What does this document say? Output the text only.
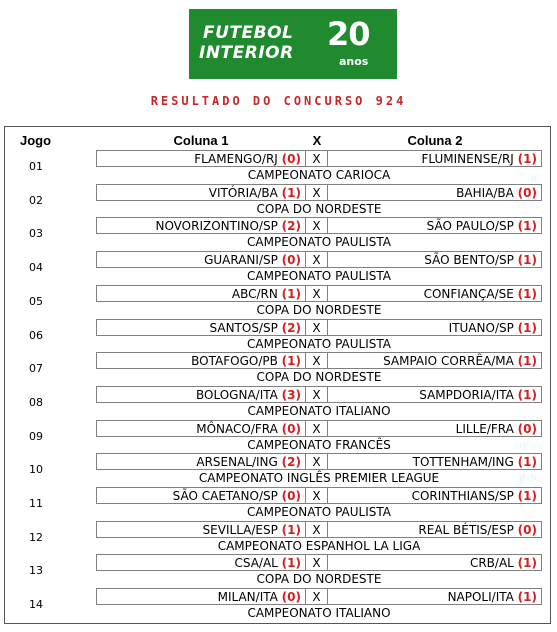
FUTEBOL
INTERIOR 20
anos
RESULTADO DO CONCURSO 924
Jogo	Coluna 1	X	Coluna 2
01
FLAMENGO/RJ (0) X	FLUMINENSE/RJ (1)
CAMPEONATO CARIOCA
02
VITÓRIA/BA (1) X	BAHIA/BA (0)
COPA DO NORDESTE
03
NOVORIZONTINO/SP (2) X	SÃO PAULO/SP (1)
CAMPEONATO PAULISTA
04
GUARANI/SP (0) X	SÃO BENTO/SP (1)
CAMPEONATO PAULISTA
05
ABC/RN (1) X	CONFIANÇA/SE (1)
COPA DO NORDESTE
06
SANTOS/SP (2) X	ITUANO/SP (1)
CAMPEONATO PAULISTA
07
BOTAFOGO/PB (1) X	SAMPAIO CORRÊA/MA (1)
COPA DO NORDESTE
08
BOLOGNA/ITA (3) X	SAMPDORIA/ITA (1)
CAMPEONATO ITALIANO
09
MÔNACO/FRA (0) X	LILLE/FRA (0)
CAMPEONATO FRANCÊS
10
ARSENAL/ING (2) X	TOTTENHAM/ING (1)
CAMPEONATO INGLÊS PREMIER LEAGUE
11
SÃO CAETANO/SP (0) X	CORINTHIANS/SP (1)
CAMPEONATO PAULISTA
12
SEVILLA/ESP (1) X	REAL BÉTIS/ESP (0)
CAMPEONATO ESPANHOL LA LIGA
13
CSA/AL (1) X	CRB/AL (1)
COPA DO NORDESTE
14
MILAN/ITA (0) X	NAPOLI/ITA (1)
CAMPEONATO ITALIANO
